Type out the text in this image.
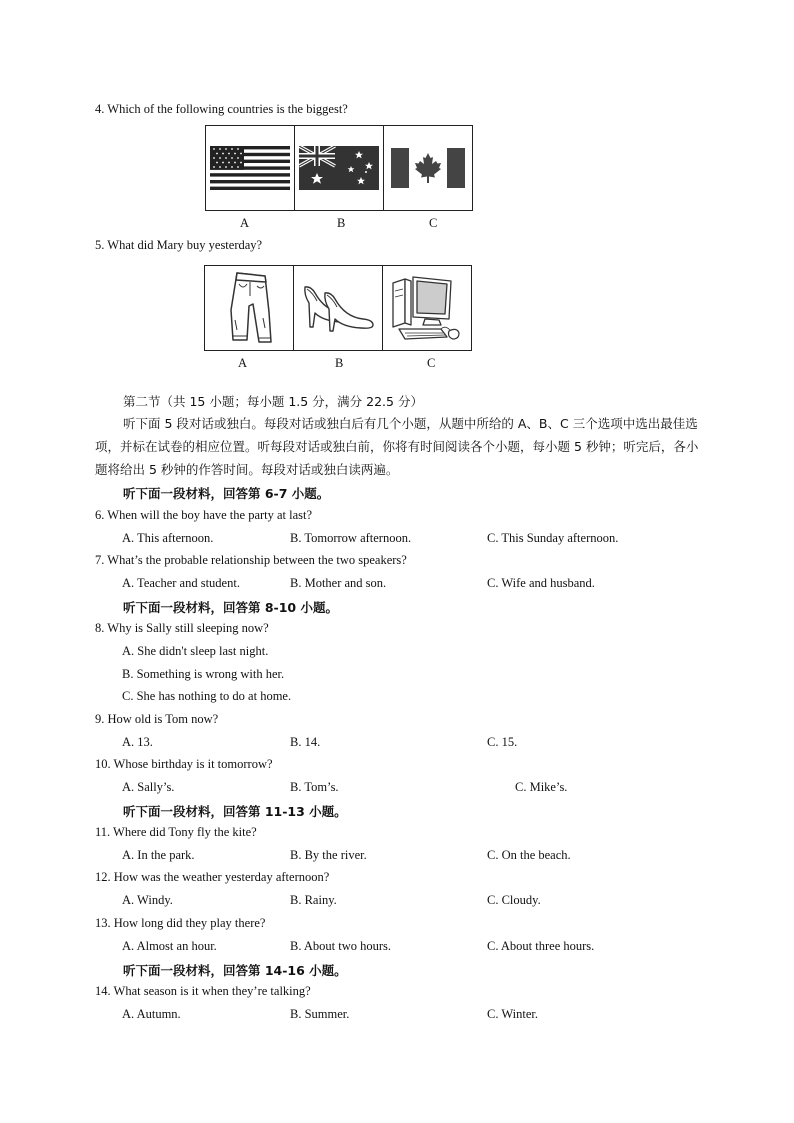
4. Which of the following countries is the biggest?
A	B	C
5. What did Mary buy yesterday?
A	B	C
第二节（共 15 小题；每小题 1.5 分，满分 22.5 分）
听下面 5 段对话或独白。每段对话或独白后有几个小题，从题中所给的 A、B、C 三个选项中选出最佳选项，并标在试卷的相应位置。听每段对话或独白前，你将有时间阅读各个小题，每小题 5 秒钟；听完后，各小题将给出 5 秒钟的作答时间。每段对话或独白读两遍。
听下面一段材料，回答第 6-7 小题。
6. When will the boy have the party at last?
A. This afternoon.	B. Tomorrow afternoon.	C. This Sunday afternoon.
7. What’s the probable relationship between the two speakers?
A. Teacher and student.	B. Mother and son.	C. Wife and husband.
听下面一段材料，回答第 8-10 小题。
8. Why is Sally still sleeping now?
A. She didn't sleep last night.
B. Something is wrong with her.
C. She has nothing to do at home.
9. How old is Tom now?
A. 13.	B. 14.	C. 15.
10. Whose birthday is it tomorrow?
A. Sally’s.	B. Tom’s.	C. Mike’s.
听下面一段材料，回答第 11-13 小题。
11. Where did Tony fly the kite?
A. In the park.	B. By the river.	C. On the beach.
12. How was the weather yesterday afternoon?
A. Windy.	B. Rainy.	C. Cloudy.
13. How long did they play there?
A. Almost an hour.	B. About two hours.	C. About three hours.
听下面一段材料，回答第 14-16 小题。
14. What season is it when they’re talking?
A. Autumn.	B. Summer.	C. Winter.
